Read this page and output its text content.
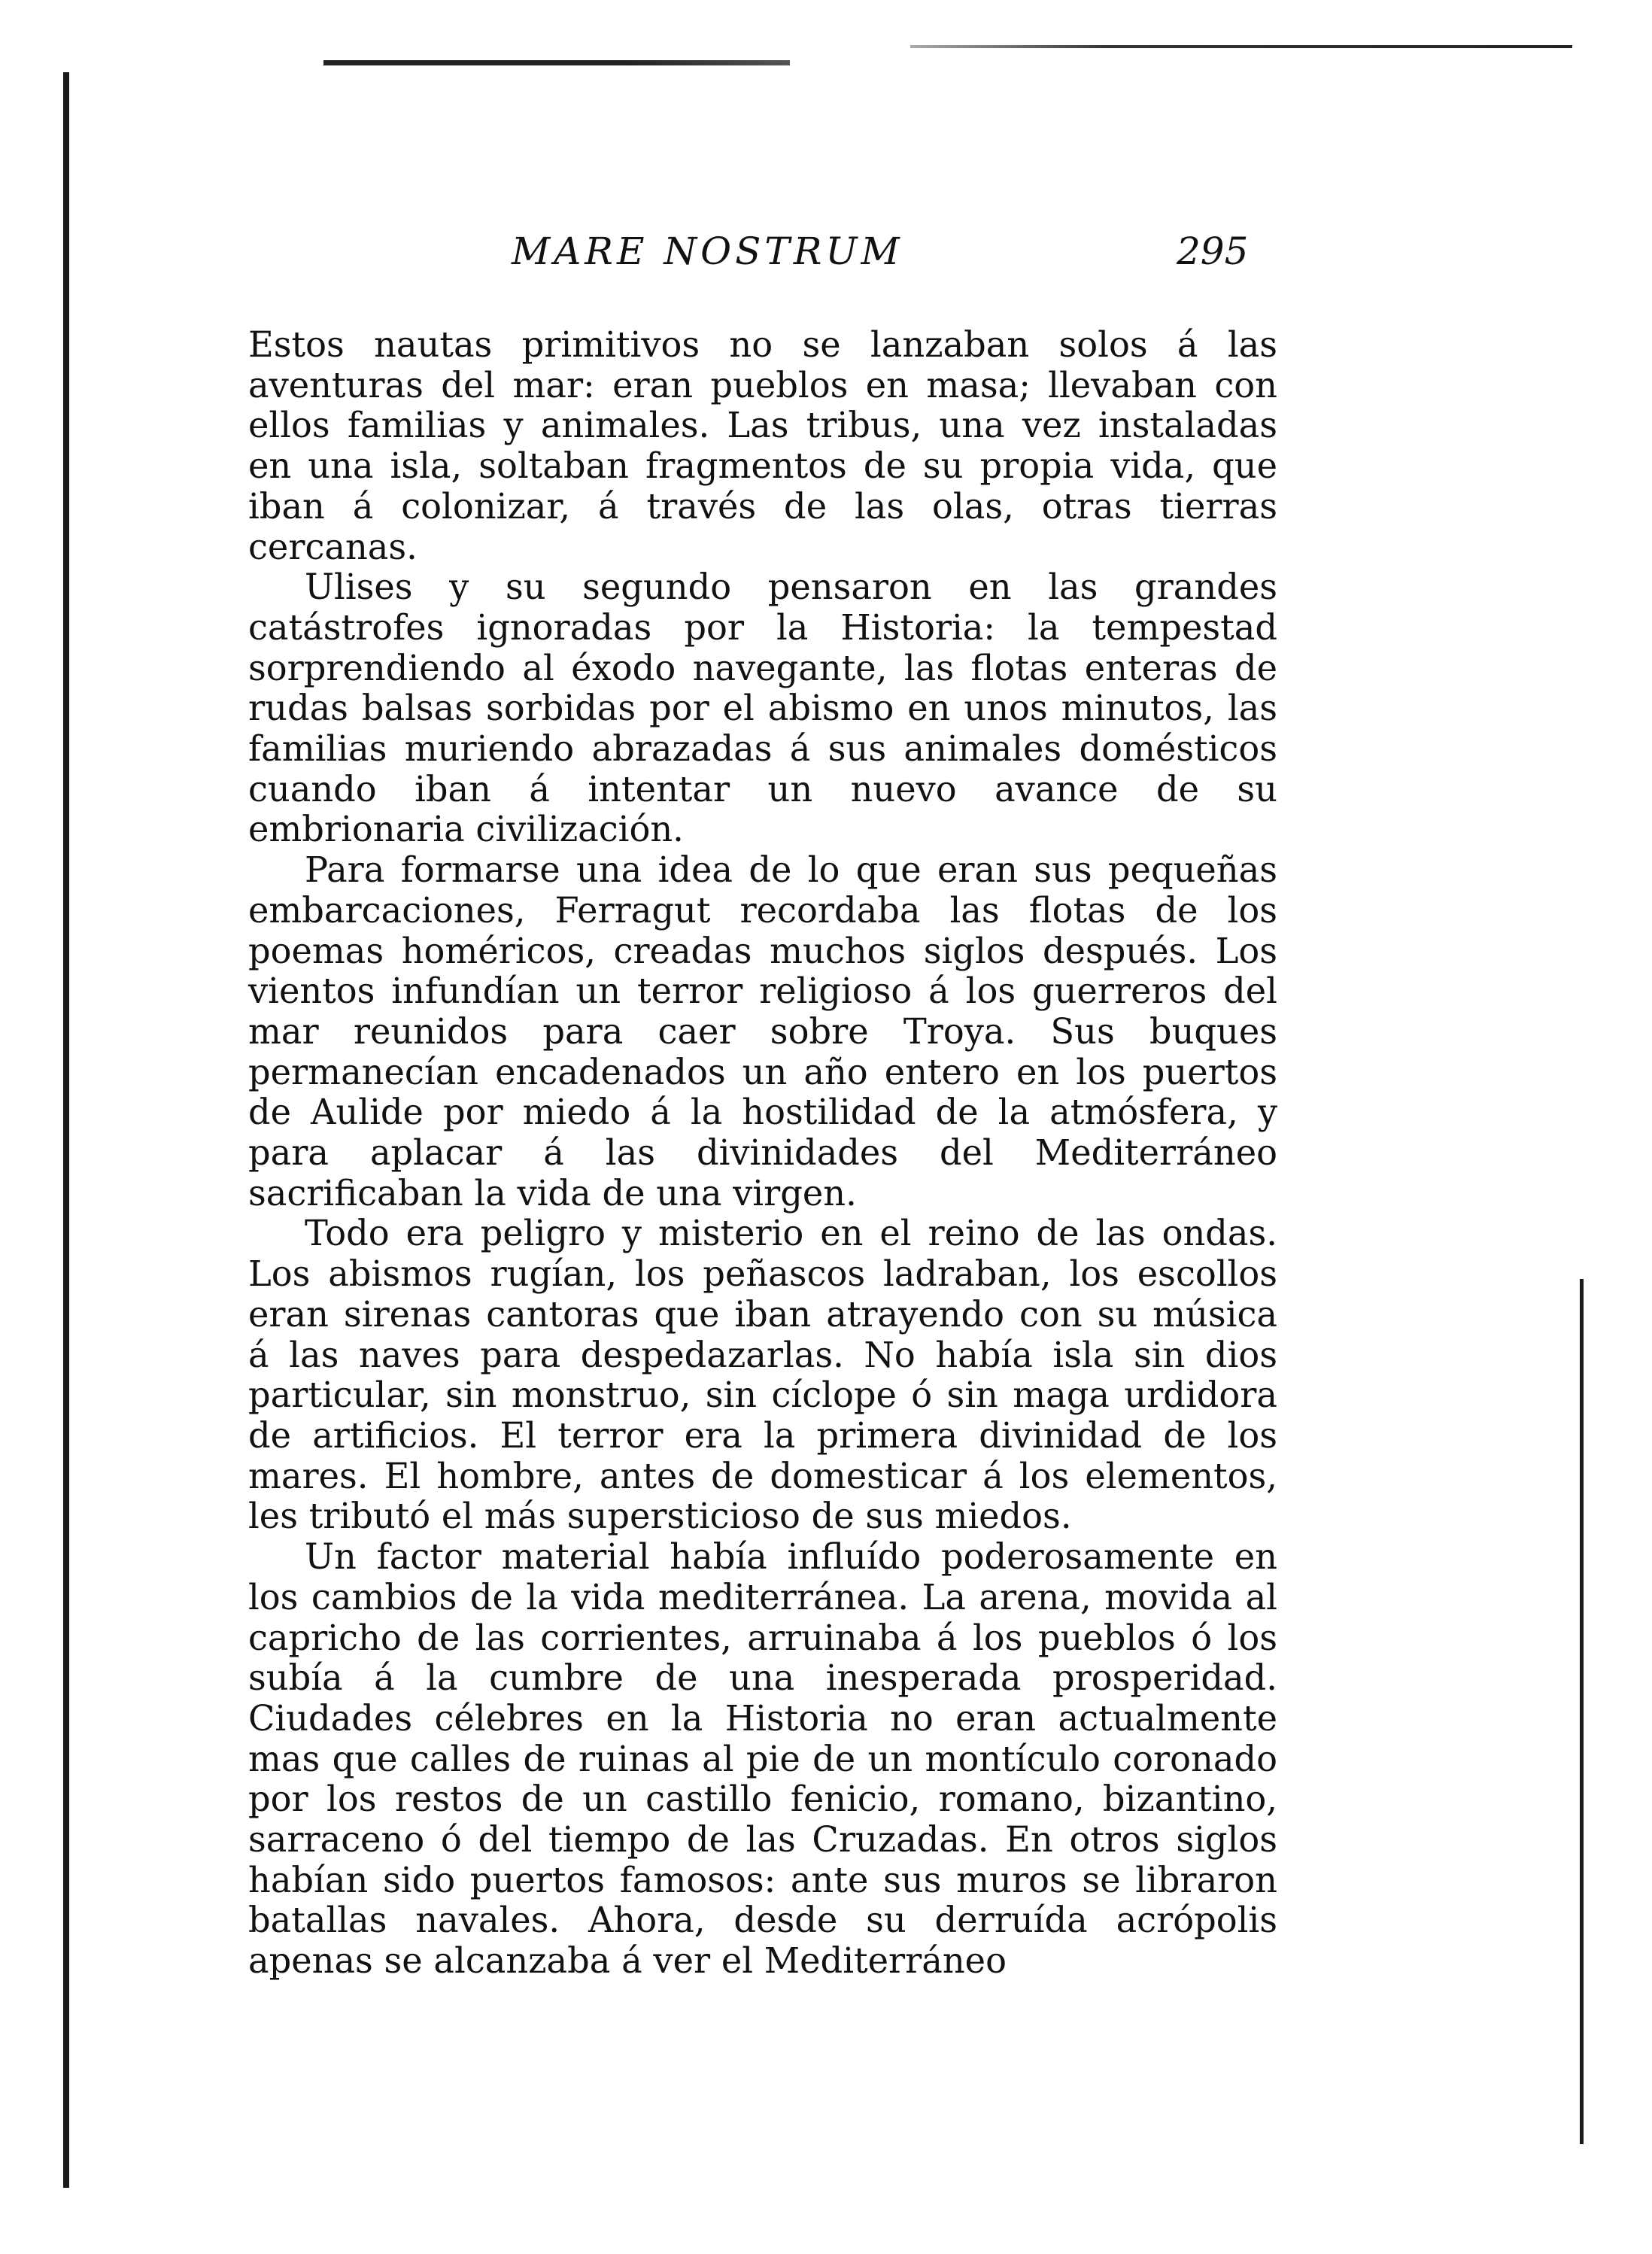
MARE NOSTRUM	295

Estos nautas primitivos no se lanzaban solos á las aventuras del mar: eran pueblos en masa; llevaban con ellos familias y animales. Las tribus, una vez instaladas en una isla, soltaban fragmentos de su propia vida, que iban á colonizar, á través de las olas, otras tierras cercanas.

Ulises y su segundo pensaron en las grandes catástrofes ignoradas por la Historia: la tempestad sorprendiendo al éxodo navegante, las flotas enteras de rudas balsas sorbidas por el abismo en unos minutos, las familias muriendo abrazadas á sus animales domésticos cuando iban á intentar un nuevo avance de su embrionaria civilización.

Para formarse una idea de lo que eran sus pequeñas embarcaciones, Ferragut recordaba las flotas de los poemas homéricos, creadas muchos siglos después. Los vientos infundían un terror religioso á los guerreros del mar reunidos para caer sobre Troya. Sus buques permanecían encadenados un año entero en los puertos de Aulide por miedo á la hostilidad de la atmósfera, y para aplacar á las divinidades del Mediterráneo sacrificaban la vida de una virgen.

Todo era peligro y misterio en el reino de las ondas. Los abismos rugían, los peñascos ladraban, los escollos eran sirenas cantoras que iban atrayendo con su música á las naves para despedazarlas. No había isla sin dios particular, sin monstruo, sin cíclope ó sin maga urdidora de artificios. El terror era la primera divinidad de los mares. El hombre, antes de domesticar á los elementos, les tributó el más supersticioso de sus miedos.

Un factor material había influído poderosamente en los cambios de la vida mediterránea. La arena, movida al capricho de las corrientes, arruinaba á los pueblos ó los subía á la cumbre de una inesperada prosperidad. Ciudades célebres en la Historia no eran actualmente mas que calles de ruinas al pie de un montículo coronado por los restos de un castillo fenicio, romano, bizantino, sarraceno ó del tiempo de las Cruzadas. En otros siglos habían sido puertos famosos: ante sus muros se libraron batallas navales. Ahora, desde su derruída acrópolis apenas se alcanzaba á ver el Mediterráneo
